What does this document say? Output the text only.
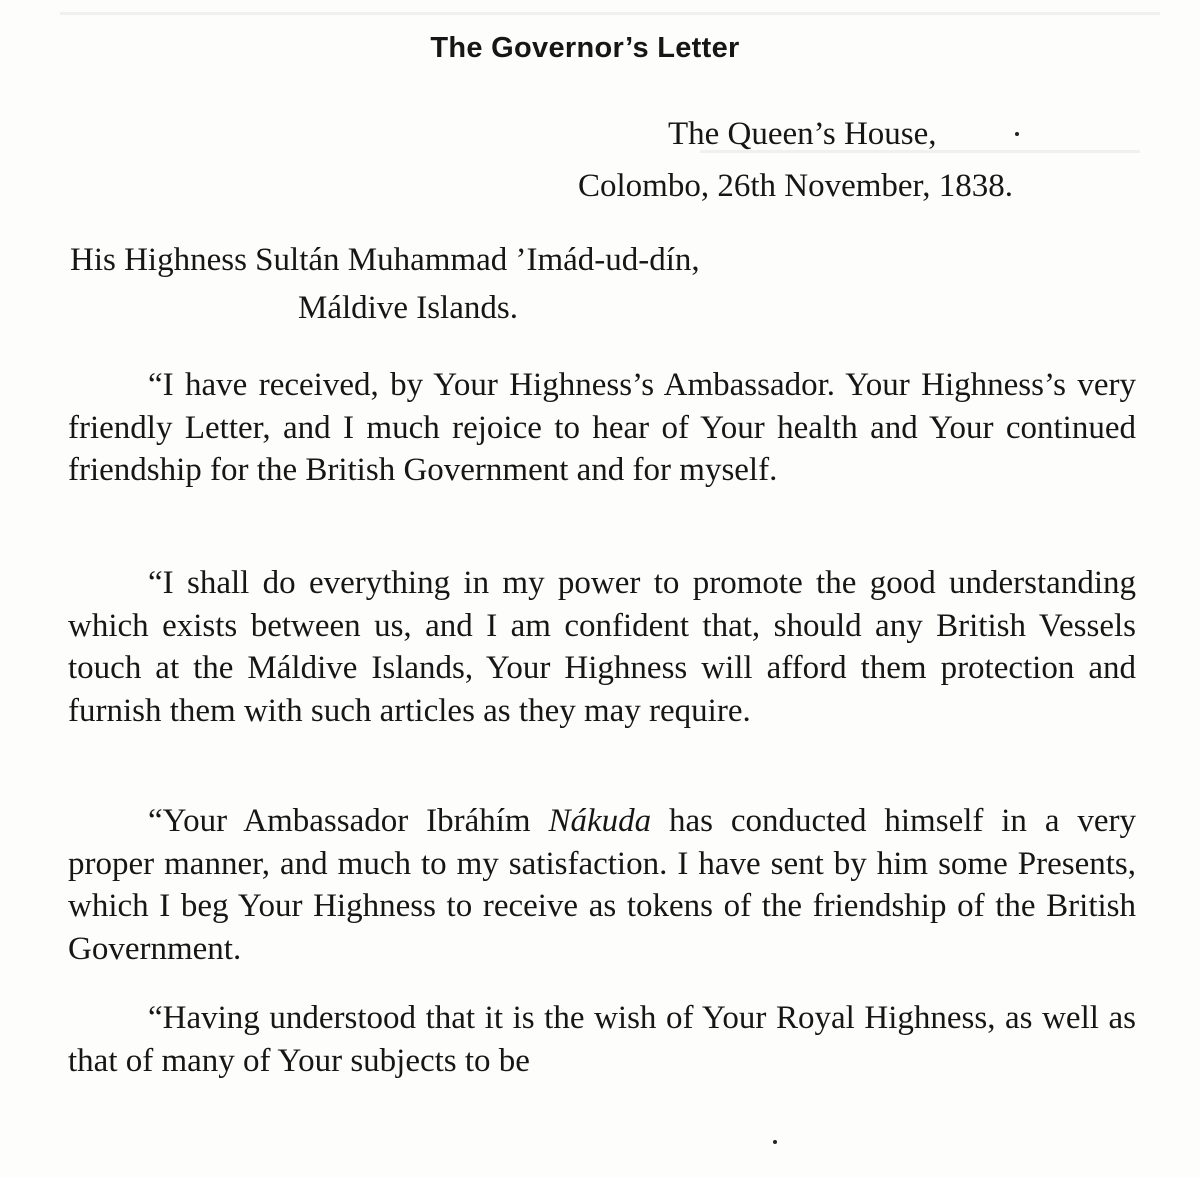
The Governor’s Letter
The Queen’s House,
Colombo, 26th November, 1838.
His Highness Sultán Muhammad ’Imád-ud-dín,
Máldive Islands.

“I have received, by Your Highness’s Ambassador. Your Highness’s very friendly Letter, and I much rejoice to hear of Your health and Your continued friendship for the British Government and for myself.

“I shall do everything in my power to promote the good understanding which exists between us, and I am confident that, should any British Vessels touch at the Máldive Islands, Your Highness will afford them protection and furnish them with such articles as they may require.

“Your Ambassador Ibráhím Nákuda has conducted himself in a very proper manner, and much to my satisfaction. I have sent by him some Presents, which I beg Your Highness to receive as tokens of the friendship of the British Government.

“Having understood that it is the wish of Your Royal Highness, as well as that of many of Your subjects to be
